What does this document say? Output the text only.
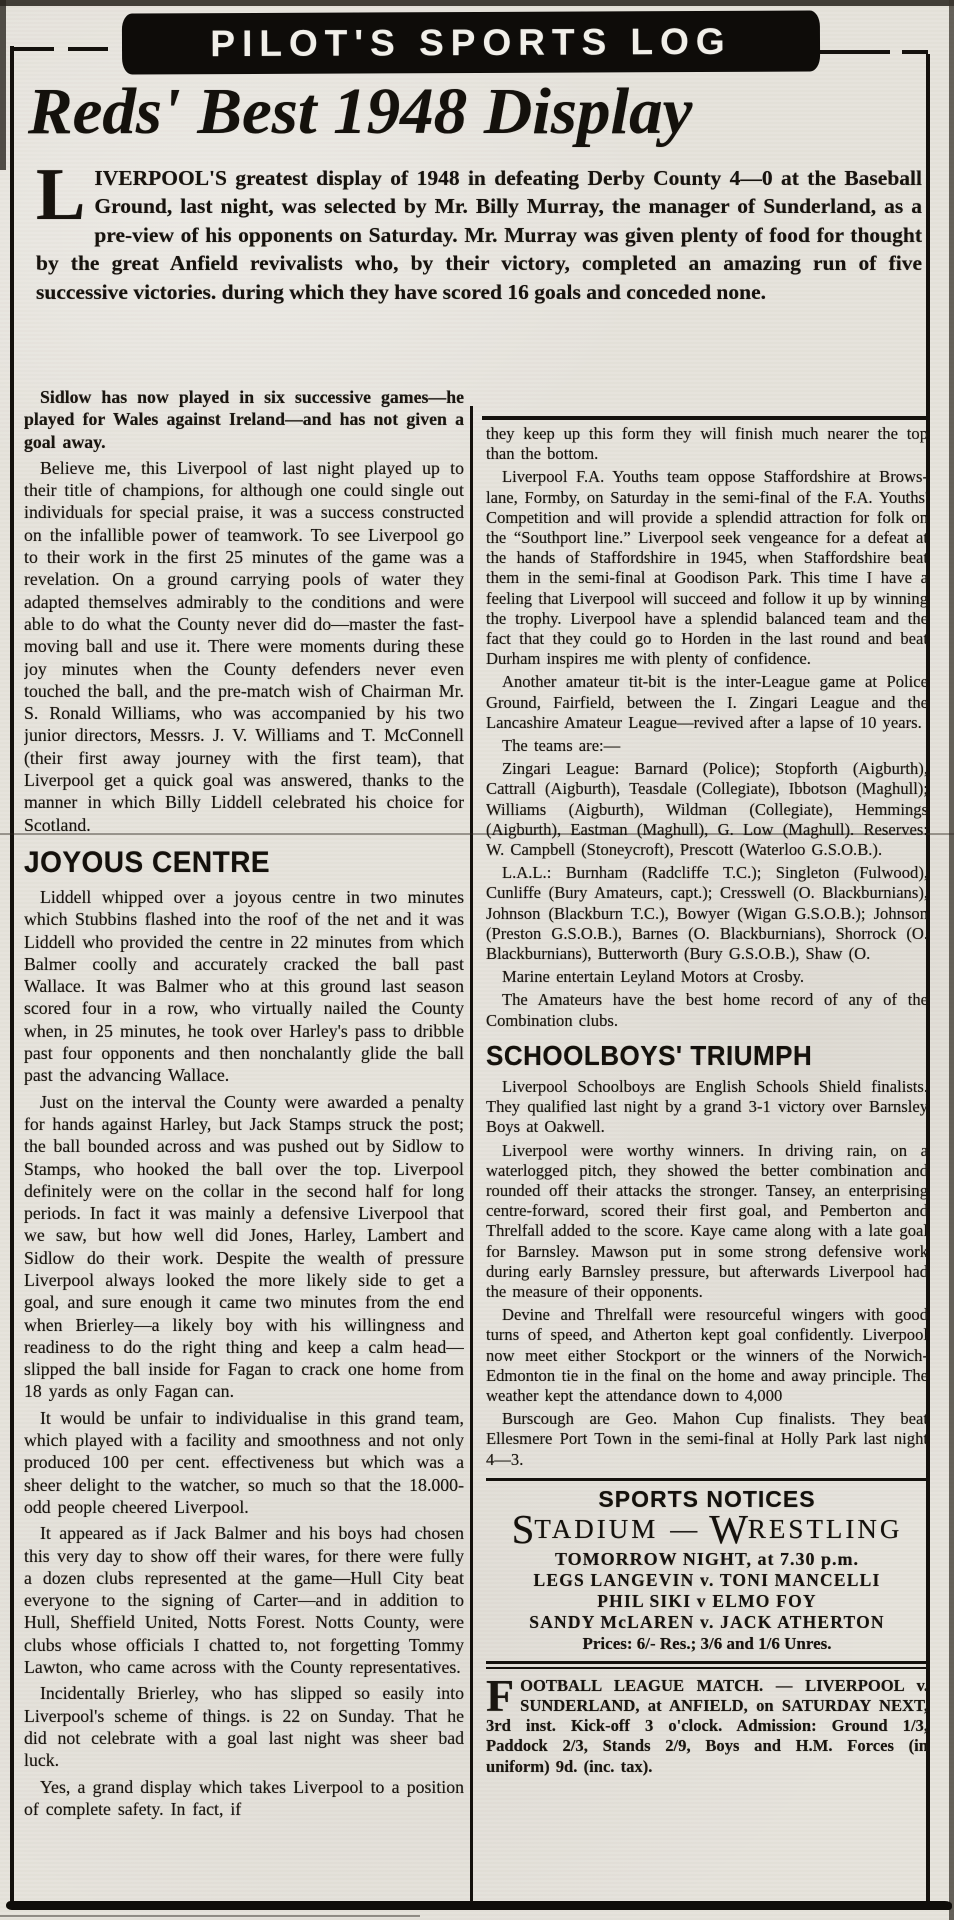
PILOT'S SPORTS LOG
Reds' Best 1948 Display
LIVERPOOL'S greatest display of 1948 in defeating Derby County 4—0 at the Baseball Ground, last night, was selected by Mr. Billy Murray, the manager of Sunderland, as a pre-view of his opponents on Saturday. Mr. Murray was given plenty of food for thought by the great Anfield revivalists who, by their victory, completed an amazing run of five successive victories. during which they have scored 16 goals and conceded none.

Sidlow has now played in six successive games—he played for Wales against Ireland—and has not given a goal away.

Believe me, this Liverpool of last night played up to their title of champions, for although one could single out individuals for special praise, it was a success constructed on the infallible power of teamwork. To see Liverpool go to their work in the first 25 minutes of the game was a revelation. On a ground carrying pools of water they adapted themselves admirably to the conditions and were able to do what the County never did do—master the fast-moving ball and use it. There were moments during these joy minutes when the County defenders never even touched the ball, and the pre-match wish of Chairman Mr. S. Ronald Williams, who was accompanied by his two junior directors, Messrs. J. V. Williams and T. McConnell (their first away journey with the first team), that Liverpool get a quick goal was answered, thanks to the manner in which Billy Liddell celebrated his choice for Scotland.

JOYOUS CENTRE

Liddell whipped over a joyous centre in two minutes which Stubbins flashed into the roof of the net and it was Liddell who provided the centre in 22 minutes from which Balmer coolly and accurately cracked the ball past Wallace. It was Balmer who at this ground last season scored four in a row, who virtually nailed the County when, in 25 minutes, he took over Harley's pass to dribble past four opponents and then nonchalantly glide the ball past the advancing Wallace.

Just on the interval the County were awarded a penalty for hands against Harley, but Jack Stamps struck the post; the ball bounded across and was pushed out by Sidlow to Stamps, who hooked the ball over the top. Liverpool definitely were on the collar in the second half for long periods. In fact it was mainly a defensive Liverpool that we saw, but how well did Jones, Harley, Lambert and Sidlow do their work. Despite the wealth of pressure Liverpool always looked the more likely side to get a goal, and sure enough it came two minutes from the end when Brierley—a likely boy with his willingness and readiness to do the right thing and keep a calm head—slipped the ball inside for Fagan to crack one home from 18 yards as only Fagan can.

It would be unfair to individualise in this grand team, which played with a facility and smoothness and not only produced 100 per cent. effectiveness but which was a sheer delight to the watcher, so much so that the 18.000-odd people cheered Liverpool.

It appeared as if Jack Balmer and his boys had chosen this very day to show off their wares, for there were fully a dozen clubs represented at the game—Hull City beat everyone to the signing of Carter—and in addition to Hull, Sheffield United, Notts Forest. Notts County, were clubs whose officials I chatted to, not forgetting Tommy Lawton, who came across with the County representatives.

Incidentally Brierley, who has slipped so easily into Liverpool's scheme of things. is 22 on Sunday. That he did not celebrate with a goal last night was sheer bad luck.

Yes, a grand display which takes Liverpool to a position of complete safety. In fact, if

they keep up this form they will finish much nearer the top than the bottom.

Liverpool F.A. Youths team oppose Staffordshire at Brows-lane, Formby, on Saturday in the semi-final of the F.A. Youths' Competition and will provide a splendid attraction for folk on the “Southport line.” Liverpool seek vengeance for a defeat at the hands of Staffordshire in 1945, when Staffordshire beat them in the semi-final at Goodison Park. This time I have a feeling that Liverpool will succeed and follow it up by winning the trophy. Liverpool have a splendid balanced team and the fact that they could go to Horden in the last round and beat Durham inspires me with plenty of confidence.

Another amateur tit-bit is the inter-League game at Police Ground, Fairfield, between the I. Zingari League and the Lancashire Amateur League—revived after a lapse of 10 years.

The teams are:—

Zingari League: Barnard (Police); Stopforth (Aigburth), Cattrall (Aigburth), Teasdale (Collegiate), Ibbotson (Maghull); Williams (Aigburth), Wildman (Collegiate), Hemmings (Aigburth), Eastman (Maghull), G. Low (Maghull). Reserves: W. Campbell (Stoneycroft), Prescott (Waterloo G.S.O.B.).

L.A.L.: Burnham (Radcliffe T.C.); Singleton (Fulwood), Cunliffe (Bury Amateurs, capt.); Cresswell (O. Blackburnians), Johnson (Blackburn T.C.), Bowyer (Wigan G.S.O.B.); Johnson (Preston G.S.O.B.), Barnes (O. Blackburnians), Shorrock (O. Blackburnians), Butterworth (Bury G.S.O.B.), Shaw (O.

Marine entertain Leyland Motors at Crosby.

The Amateurs have the best home record of any of the Combination clubs.

SCHOOLBOYS' TRIUMPH

Liverpool Schoolboys are English Schools Shield finalists. They qualified last night by a grand 3-1 victory over Barnsley Boys at Oakwell.

Liverpool were worthy winners. In driving rain, on a waterlogged pitch, they showed the better combination and rounded off their attacks the stronger. Tansey, an enterprising centre-forward, scored their first goal, and Pemberton and Threlfall added to the score. Kaye came along with a late goal for Barnsley. Mawson put in some strong defensive work during early Barnsley pressure, but afterwards Liverpool had the measure of their opponents.

Devine and Threlfall were resourceful wingers with good turns of speed, and Atherton kept goal confidently. Liverpool now meet either Stockport or the winners of the Norwich-Edmonton tie in the final on the home and away principle. The weather kept the attendance down to 4,000

Burscough are Geo. Mahon Cup finalists. They beat Ellesmere Port Town in the semi-final at Holly Park last night 4—3.

SPORTS NOTICES
STADIUM — WRESTLING
TOMORROW NIGHT, at 7.30 p.m.
LEGS LANGEVIN v. TONI MANCELLI
PHIL SIKI v ELMO FOY
SANDY McLAREN v. JACK ATHERTON
Prices: 6/- Res.; 3/6 and 1/6 Unres.

FOOTBALL LEAGUE MATCH. — LIVERPOOL v. SUNDERLAND, at ANFIELD, on SATURDAY NEXT, 3rd inst. Kick-off 3 o'clock. Admission: Ground 1/3, Paddock 2/3, Stands 2/9, Boys and H.M. Forces (in uniform) 9d. (inc. tax).
